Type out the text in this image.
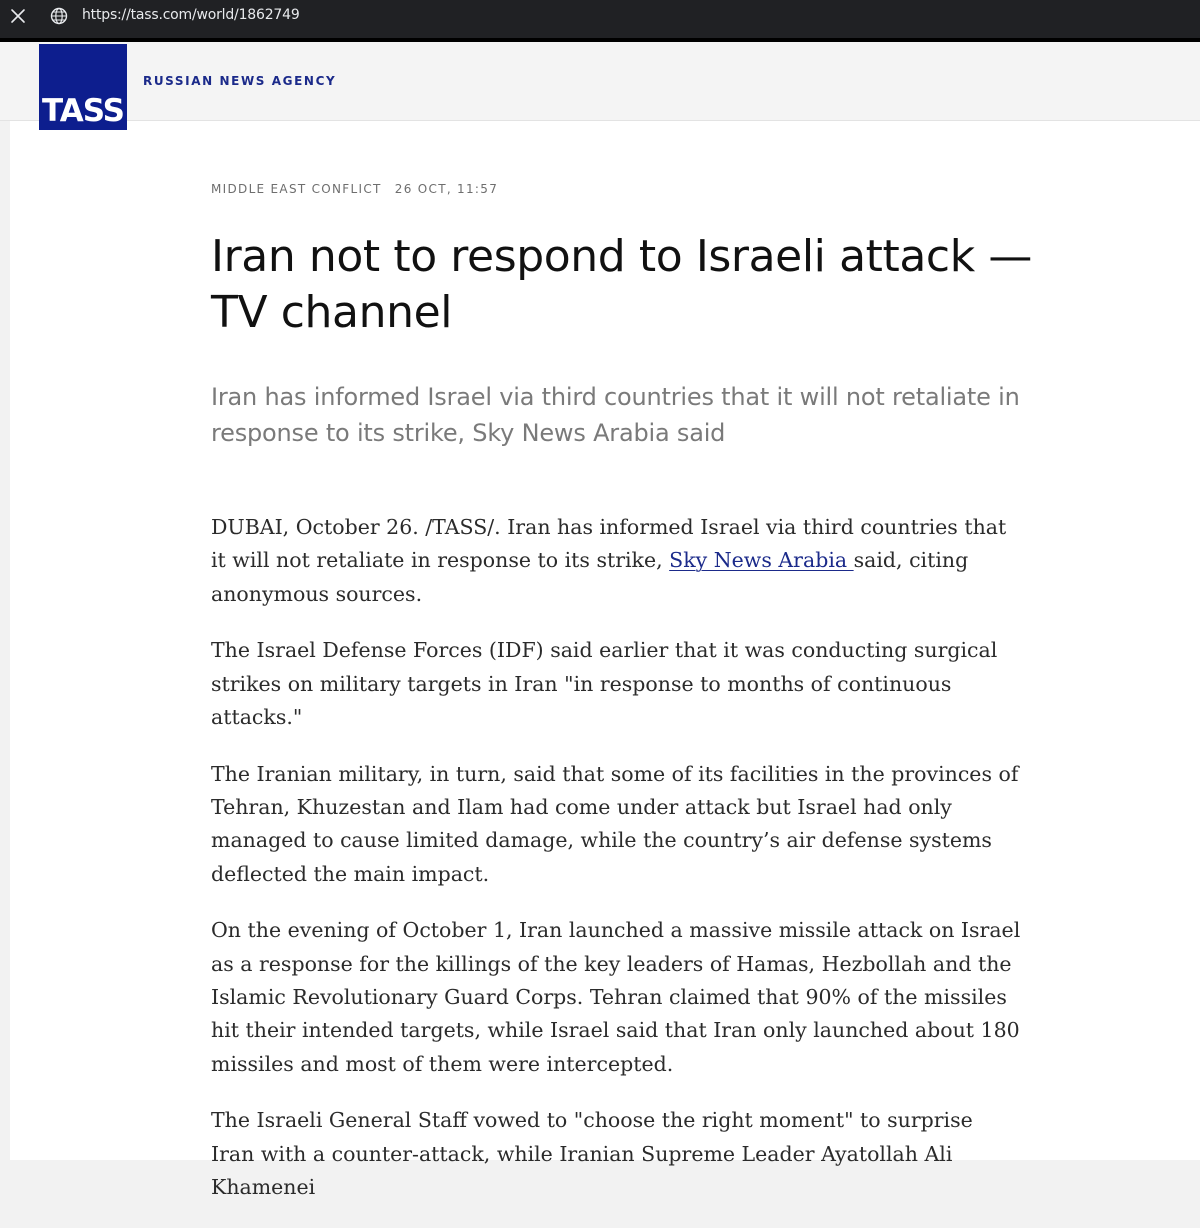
https://tass.com/world/1862749
TASS
RUSSIAN NEWS AGENCY
MIDDLE EAST CONFLICT 26 OCT, 11:57
Iran not to respond to Israeli attack — TV channel

Iran has informed Israel via third countries that it will not retaliate in response to its strike, Sky News Arabia said

DUBAI, October 26. /TASS/. Iran has informed Israel via third countries that it will not retaliate in response to its strike, Sky News Arabia said, citing anonymous sources.

The Israel Defense Forces (IDF) said earlier that it was conducting surgical strikes on military targets in Iran "in response to months of continuous attacks."

The Iranian military, in turn, said that some of its facilities in the provinces of Tehran, Khuzestan and Ilam had come under attack but Israel had only managed to cause limited damage, while the country’s air defense systems deflected the main impact.

On the evening of October 1, Iran launched a massive missile attack on Israel as a response for the killings of the key leaders of Hamas, Hezbollah and the Islamic Revolutionary Guard Corps. Tehran claimed that 90% of the missiles hit their intended targets, while Israel said that Iran only launched about 180 missiles and most of them were intercepted.

The Israeli General Staff vowed to "choose the right moment" to surprise Iran with a counter-attack, while Iranian Supreme Leader Ayatollah Ali Khamenei
